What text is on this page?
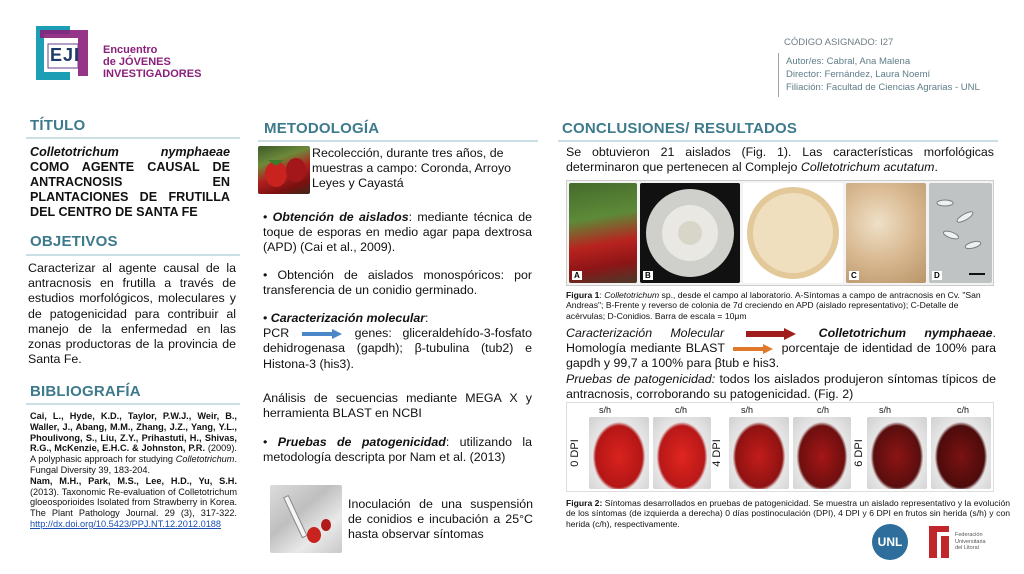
EJI Encuentro
de JÓVENES
INVESTIGADORES
CÓDIGO ASIGNADO: I27
Autor/es: Cabral, Ana Malena
Director: Fernández, Laura Noemí
Filiación: Facultad de Ciencias Agrarias - UNL
TÍTULO
Colletotrichum nymphaeae COMO AGENTE CAUSAL DE ANTRACNOSIS EN PLANTACIONES DE FRUTILLA DEL CENTRO DE SANTA FE
OBJETIVOS
Caracterizar al agente causal de la antracnosis en frutilla a través de estudios morfológicos, moleculares y de patogenicidad para contribuir al manejo de la enfermedad en las zonas productoras de la provincia de Santa Fe.
BIBLIOGRAFÍA
Cai, L., Hyde, K.D., Taylor, P.W.J., Weir, B., Waller, J., Abang, M.M., Zhang, J.Z., Yang, Y.L., Phoulivong, S., Liu, Z.Y., Prihastuti, H., Shivas, R.G., McKenzie, E.H.C. & Johnston, P.R. (2009). A polyphasic approach for studying Colletotrichum. Fungal Diversity 39, 183-204.
Nam, M.H., Park, M.S., Lee, H.D., Yu, S.H. (2013). Taxonomic Re-evaluation of Colletotrichum gloeosporioides Isolated from Strawberry in Korea. The Plant Pathology Journal. 29 (3), 317-322. http://dx.doi.org/10.5423/PPJ.NT.12.2012.0188
METODOLOGÍA
Recolección, durante tres años, de muestras a campo: Coronda, Arroyo Leyes y Cayastá
• Obtención de aislados: mediante técnica de toque de esporas en medio agar papa dextrosa (APD) (Cai et al., 2009).
• Obtención de aislados monospóricos: por transferencia de un conidio germinado.
• Caracterización molecular:
PCR	genes: gliceraldehído-3-fosfato dehidrogenasa (gapdh); β-tubulina (tub2) e Histona-3 (his3).
Análisis de secuencias mediante MEGA X y herramienta BLAST en NCBI
• Pruebas de patogenicidad: utilizando la metodología descripta por Nam et al. (2013)
Inoculación de una suspensión de conidios e incubación a 25°C hasta observar síntomas
CONCLUSIONES/ RESULTADOS
Se obtuvieron 21 aislados (Fig. 1). Las características morfológicas determinaron que pertenecen al Complejo Colletotrichum acutatum.
A	B	C	D
Figura 1: Colletotrichum sp., desde el campo al laboratorio. A-Síntomas a campo de antracnosis en Cv. "San Andreas"; B-Frente y reverso de colonia de 7d creciendo en APD (aislado representativo); C-Detalle de acérvulas; D-Conidios. Barra de escala = 10μm
Caracterización Molecular	Colletotrichum nymphaeae. Homología mediante BLAST	porcentaje de identidad de 100% para gapdh y 99,7 a 100% para βtub e his3.
Pruebas de patogenicidad: todos los aislados produjeron síntomas típicos de antracnosis, corroborando su patogenicidad. (Fig. 2)
s/h	c/h	s/h	c/h	s/h	c/h
0 DPI	4 DPI	6 DPI
Figura 2: Síntomas desarrollados en pruebas de patogenicidad. Se muestra un aislado representativo y la evolución de los síntomas (de izquierda a derecha) 0 días postinoculación (DPI), 4 DPI y 6 DPI en frutos sin herida (s/h) y con herida (c/h), respectivamente.
UNL	Federación
Universitaria
del Litoral
